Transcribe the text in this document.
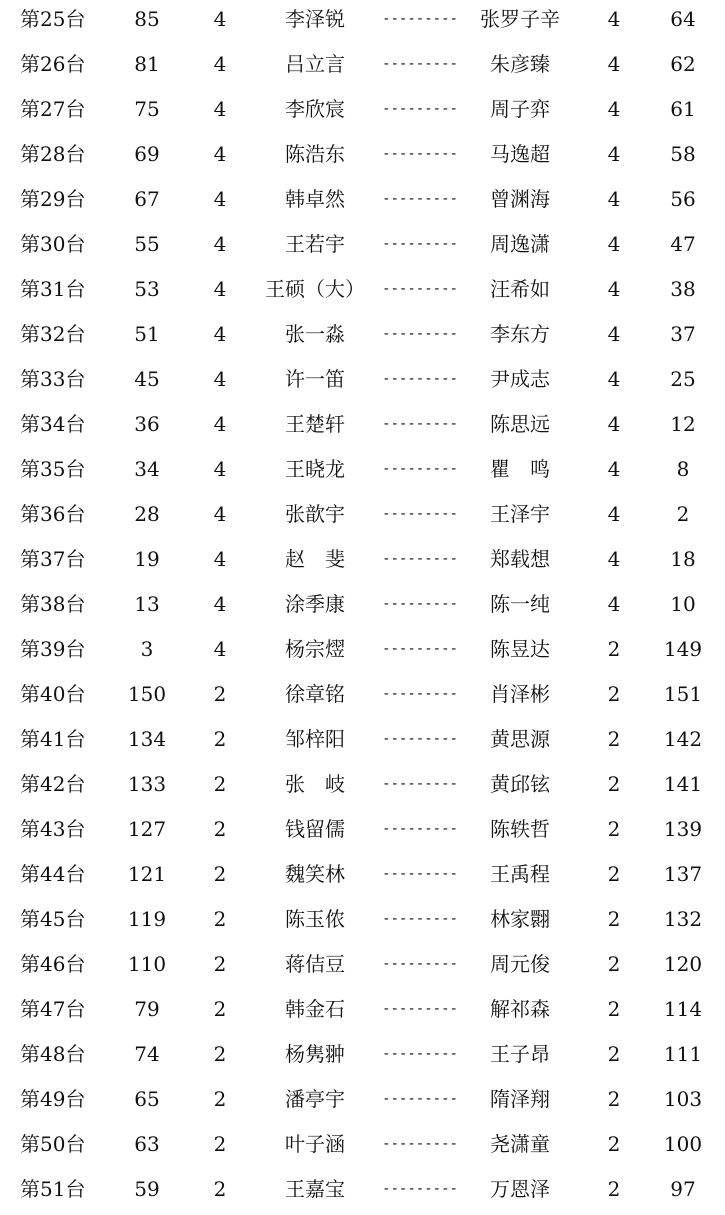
第25台	85	4	李泽锐	---------	张罗子辛	4	64
第26台	81	4	吕立言	---------	朱彦臻	4	62
第27台	75	4	李欣宸	---------	周子弈	4	61
第28台	69	4	陈浩东	---------	马逸超	4	58
第29台	67	4	韩卓然	---------	曾渊海	4	56
第30台	55	4	王若宇	---------	周逸潇	4	47
第31台	53	4	王硕（大）	---------	汪希如	4	38
第32台	51	4	张一淼	---------	李东方	4	37
第33台	45	4	许一笛	---------	尹成志	4	25
第34台	36	4	王楚轩	---------	陈思远	4	12
第35台	34	4	王晓龙	---------	瞿　鸣	4	8
第36台	28	4	张歆宇	---------	王泽宇	4	2
第37台	19	4	赵　斐	---------	郑载想	4	18
第38台	13	4	涂季康	---------	陈一纯	4	10
第39台	3	4	杨宗熤	---------	陈昱达	2	149
第40台	150	2	徐章铭	---------	肖泽彬	2	151
第41台	134	2	邹梓阳	---------	黄思源	2	142
第42台	133	2	张　岐	---------	黄邱铉	2	141
第43台	127	2	钱留儒	---------	陈轶哲	2	139
第44台	121	2	魏笑林	---------	王禹程	2	137
第45台	119	2	陈玉侬	---------	林家翾	2	132
第46台	110	2	蒋佶豆	---------	周元俊	2	120
第47台	79	2	韩金石	---------	解祁森	2	114
第48台	74	2	杨隽翀	---------	王子昂	2	111
第49台	65	2	潘亭宇	---------	隋泽翔	2	103
第50台	63	2	叶子涵	---------	尧潇童	2	100
第51台	59	2	王嘉宝	---------	万恩泽	2	97
